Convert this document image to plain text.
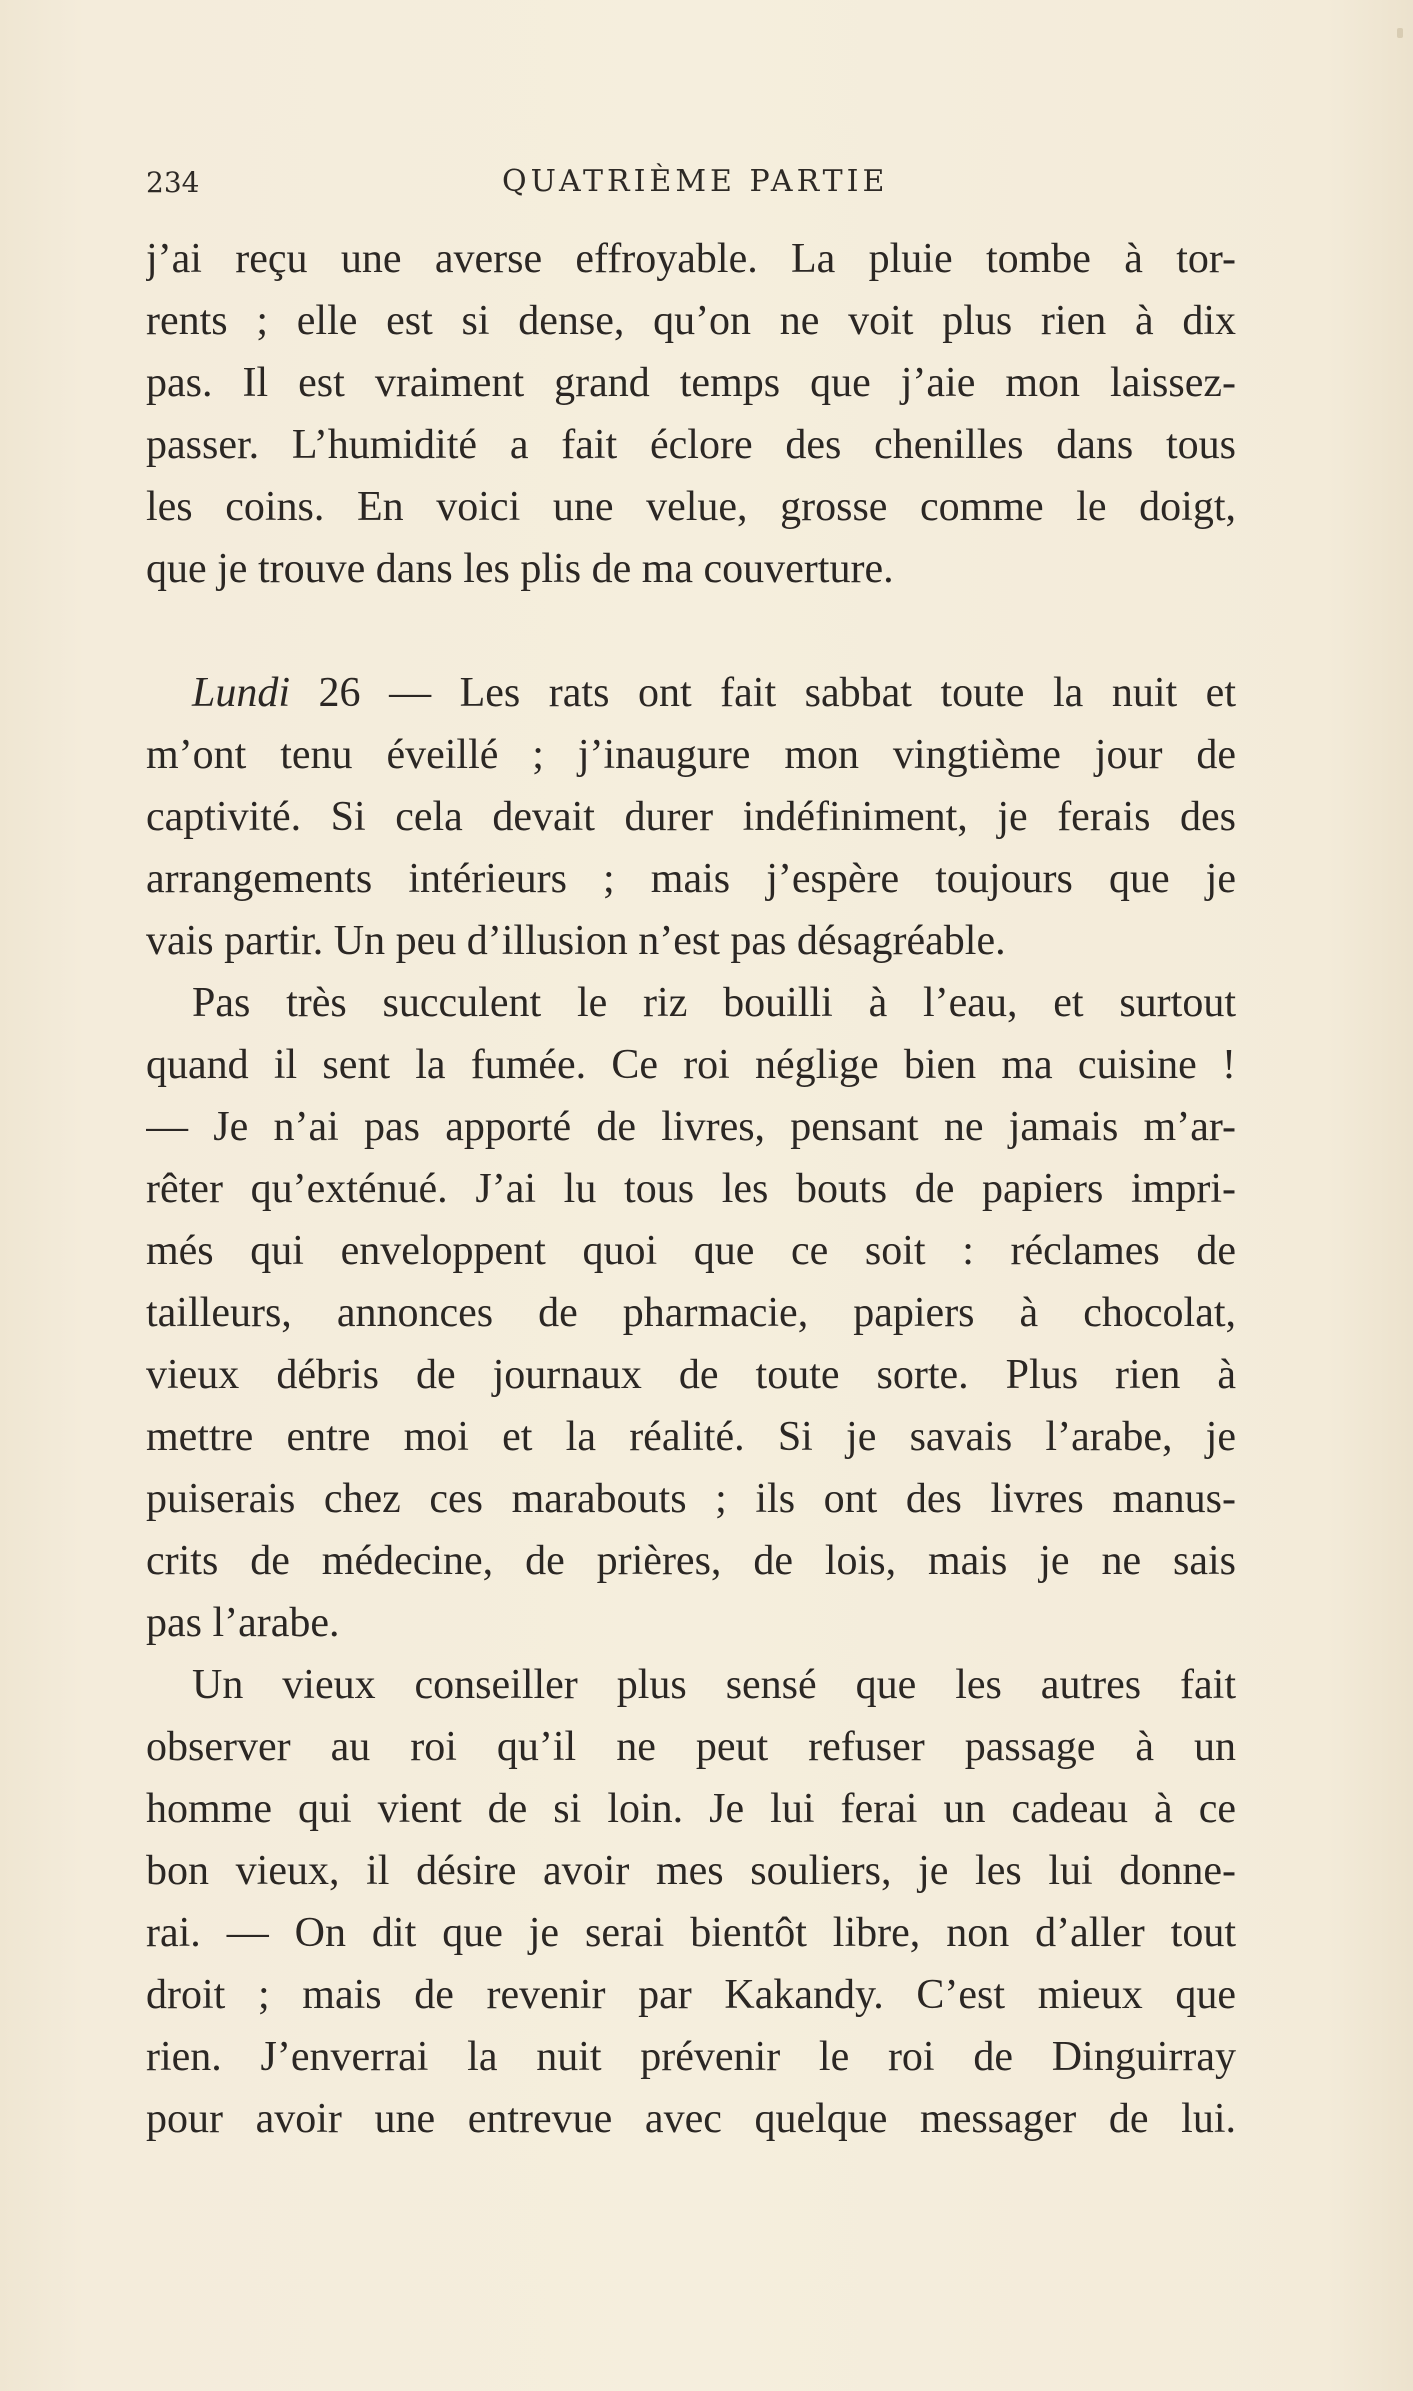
234	QUATRIÈME PARTIE
j’ai reçu une averse effroyable. La pluie tombe à tor-
rents ; elle est si dense, qu’on ne voit plus rien à dix
pas. Il est vraiment grand temps que j’aie mon laissez-
passer. L’humidité a fait éclore des chenilles dans tous
les coins. En voici une velue, grosse comme le doigt,
que je trouve dans les plis de ma couverture.
Lundi 26 — Les rats ont fait sabbat toute la nuit et
m’ont tenu éveillé ; j’inaugure mon vingtième jour de
captivité. Si cela devait durer indéfiniment, je ferais des
arrangements intérieurs ; mais j’espère toujours que je
vais partir. Un peu d’illusion n’est pas désagréable.
Pas très succulent le riz bouilli à l’eau, et surtout
quand il sent la fumée. Ce roi néglige bien ma cuisine !
— Je n’ai pas apporté de livres, pensant ne jamais m’ar-
rêter qu’exténué. J’ai lu tous les bouts de papiers impri-
més qui enveloppent quoi que ce soit : réclames de
tailleurs, annonces de pharmacie, papiers à chocolat,
vieux débris de journaux de toute sorte. Plus rien à
mettre entre moi et la réalité. Si je savais l’arabe, je
puiserais chez ces marabouts ; ils ont des livres manus-
crits de médecine, de prières, de lois, mais je ne sais
pas l’arabe.
Un vieux conseiller plus sensé que les autres fait
observer au roi qu’il ne peut refuser passage à un
homme qui vient de si loin. Je lui ferai un cadeau à ce
bon vieux, il désire avoir mes souliers, je les lui donne-
rai. — On dit que je serai bientôt libre, non d’aller tout
droit ; mais de revenir par Kakandy. C’est mieux que
rien. J’enverrai la nuit prévenir le roi de Dinguirray
pour avoir une entrevue avec quelque messager de lui.
